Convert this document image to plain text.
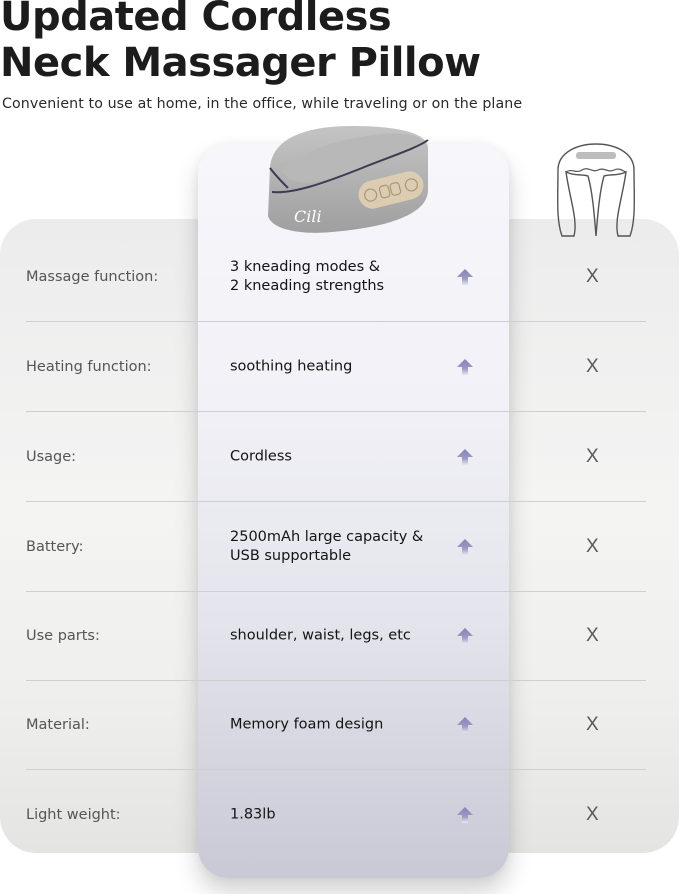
Updated Cordless
Neck Massager Pillow
Convenient to use at home, in the office, while traveling or on the plane
Cili
Massage function:
3 kneading modes &
2 kneading strengths	X
Heating function:	soothing heating	X
Usage:	Cordless	X
Battery:
2500mAh large capacity &
USB supportable	X
Use parts:	shoulder, waist, legs, etc	X
Material:	Memory foam design	X
Light weight:	1.83lb	X
